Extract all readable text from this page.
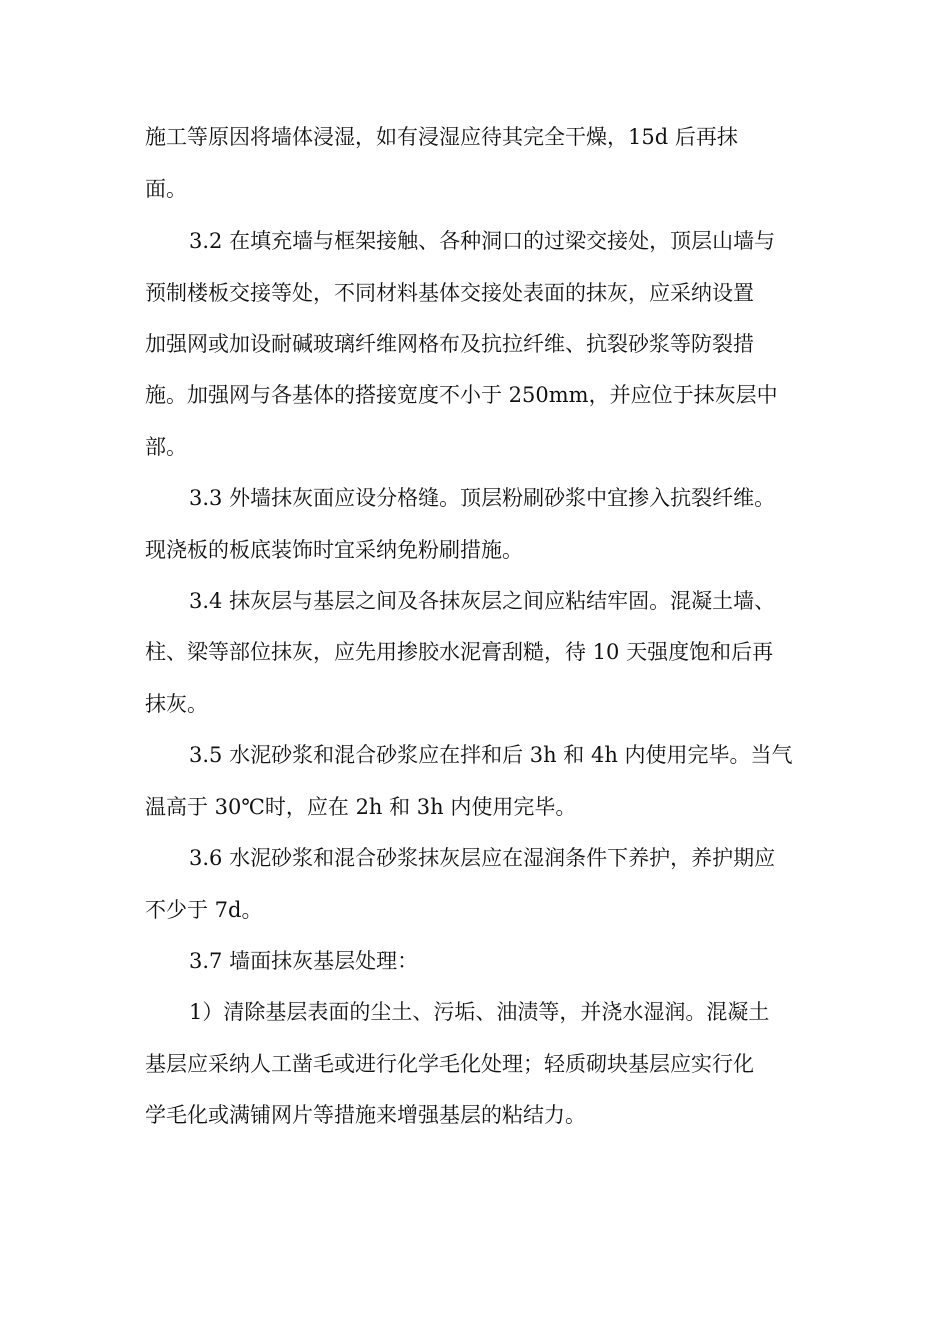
施工等原因将墙体浸湿，如有浸湿应待其完全干燥，15d 后再抹
面。
3.2 在填充墙与框架接触、各种洞口的过梁交接处，顶层山墙与
预制楼板交接等处，不同材料基体交接处表面的抹灰，应采纳设置
加强网或加设耐碱玻璃纤维网格布及抗拉纤维、抗裂砂浆等防裂措
施。加强网与各基体的搭接宽度不小于 250mm，并应位于抹灰层中
部。
3.3 外墙抹灰面应设分格缝。顶层粉刷砂浆中宜掺入抗裂纤维。
现浇板的板底装饰时宜采纳免粉刷措施。
3.4 抹灰层与基层之间及各抹灰层之间应粘结牢固。混凝土墙、
柱、梁等部位抹灰，应先用掺胶水泥膏刮糙，待 10 天强度饱和后再
抹灰。
3.5 水泥砂浆和混合砂浆应在拌和后 3h 和 4h 内使用完毕。当气
温高于 30℃时，应在 2h 和 3h 内使用完毕。
3.6 水泥砂浆和混合砂浆抹灰层应在湿润条件下养护，养护期应
不少于 7d。
3.7 墙面抹灰基层处理：
1）清除基层表面的尘土、污垢、油渍等，并浇水湿润。混凝土
基层应采纳人工凿毛或进行化学毛化处理；轻质砌块基层应实行化
学毛化或满铺网片等措施来增强基层的粘结力。
